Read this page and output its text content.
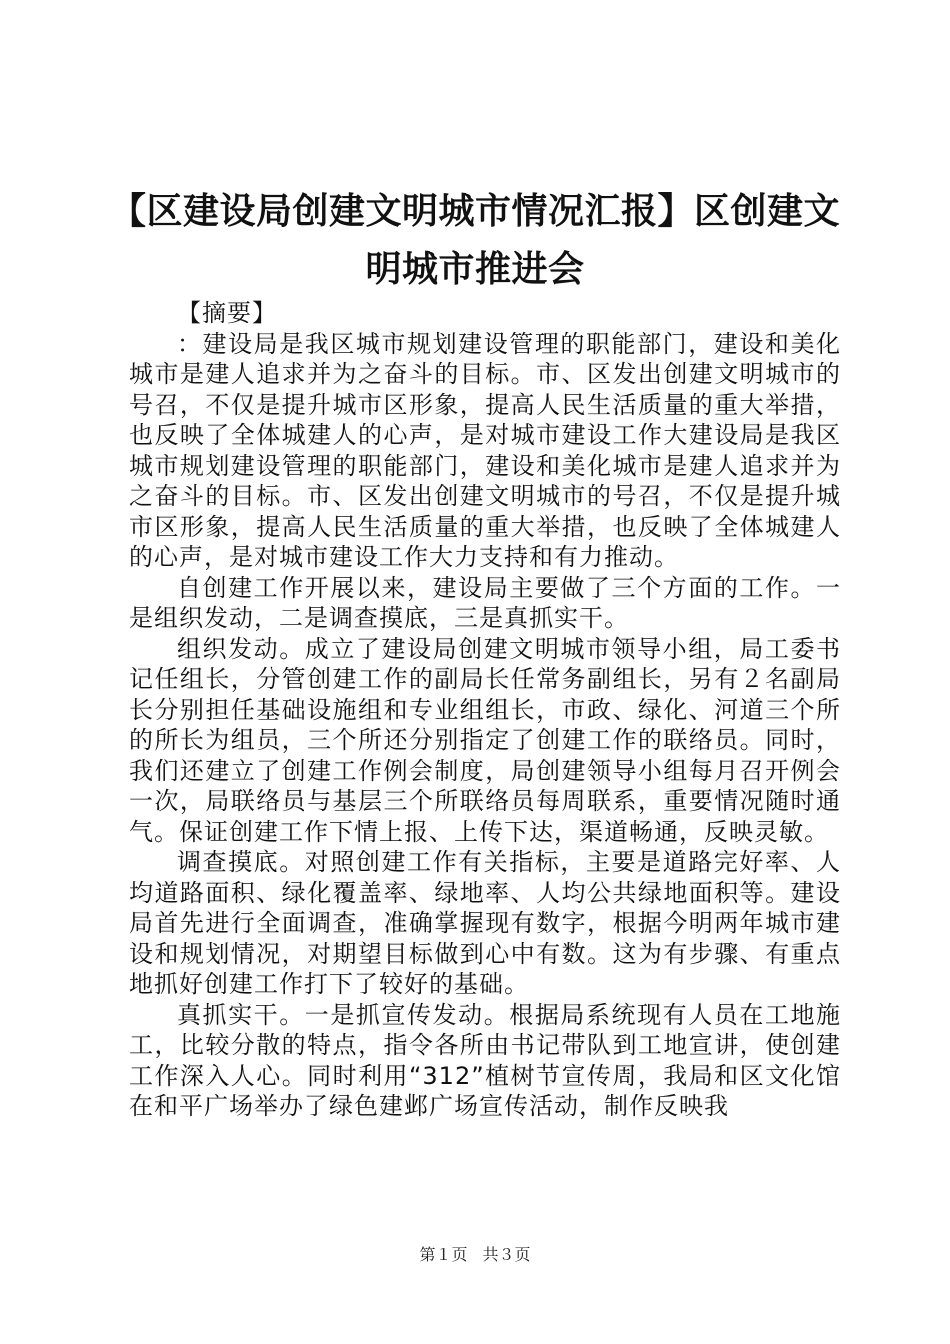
【区建设局创建文明城市情况汇报】区创建文明城市推进会

【摘要】

：建设局是我区城市规划建设管理的职能部门，建设和美化城市是建人追求并为之奋斗的目标。市、区发出创建文明城市的号召，不仅是提升城市区形象，提高人民生活质量的重大举措，也反映了全体城建人的心声，是对城市建设工作大建设局是我区城市规划建设管理的职能部门，建设和美化城市是建人追求并为之奋斗的目标。市、区发出创建文明城市的号召，不仅是提升城市区形象，提高人民生活质量的重大举措，也反映了全体城建人的心声，是对城市建设工作大力支持和有力推动。

自创建工作开展以来，建设局主要做了三个方面的工作。一是组织发动，二是调查摸底，三是真抓实干。

组织发动。成立了建设局创建文明城市领导小组，局工委书记任组长，分管创建工作的副局长任常务副组长，另有２名副局长分别担任基础设施组和专业组组长，市政、绿化、河道三个所的所长为组员，三个所还分别指定了创建工作的联络员。同时，我们还建立了创建工作例会制度，局创建领导小组每月召开例会一次，局联络员与基层三个所联络员每周联系，重要情况随时通气。保证创建工作下情上报、上传下达，渠道畅通，反映灵敏。

调查摸底。对照创建工作有关指标，主要是道路完好率、人均道路面积、绿化覆盖率、绿地率、人均公共绿地面积等。建设局首先进行全面调查，准确掌握现有数字，根据今明两年城市建设和规划情况，对期望目标做到心中有数。这为有步骤、有重点地抓好创建工作打下了较好的基础。

真抓实干。一是抓宣传发动。根据局系统现有人员在工地施工，比较分散的特点，指令各所由书记带队到工地宣讲，使创建工作深入人心。同时利用“312”植树节宣传周，我局和区文化馆在和平广场举办了绿色建邺广场宣传活动，制作反映我

第１页 共３页
